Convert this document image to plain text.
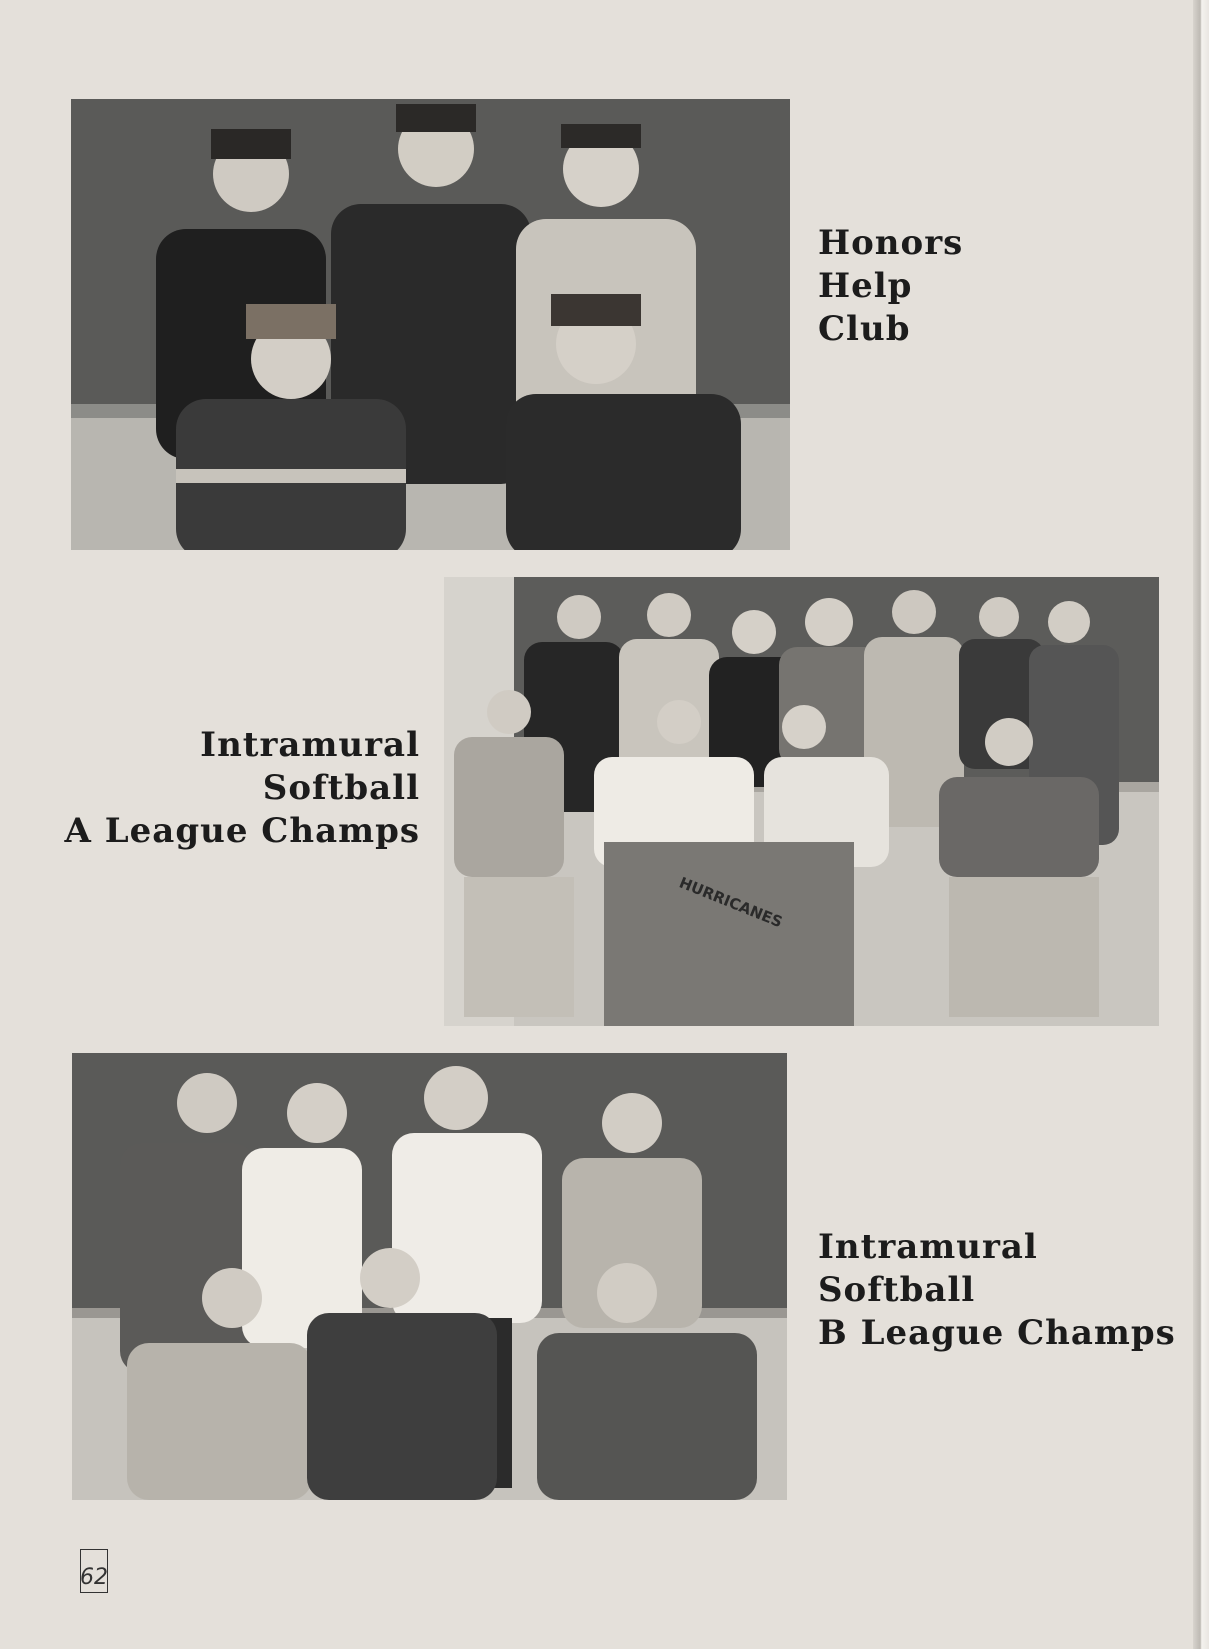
Honors
Help
Club
HURRICANES
Intramural
Softball
A League Champs
Intramural
Softball
B League Champs
62
